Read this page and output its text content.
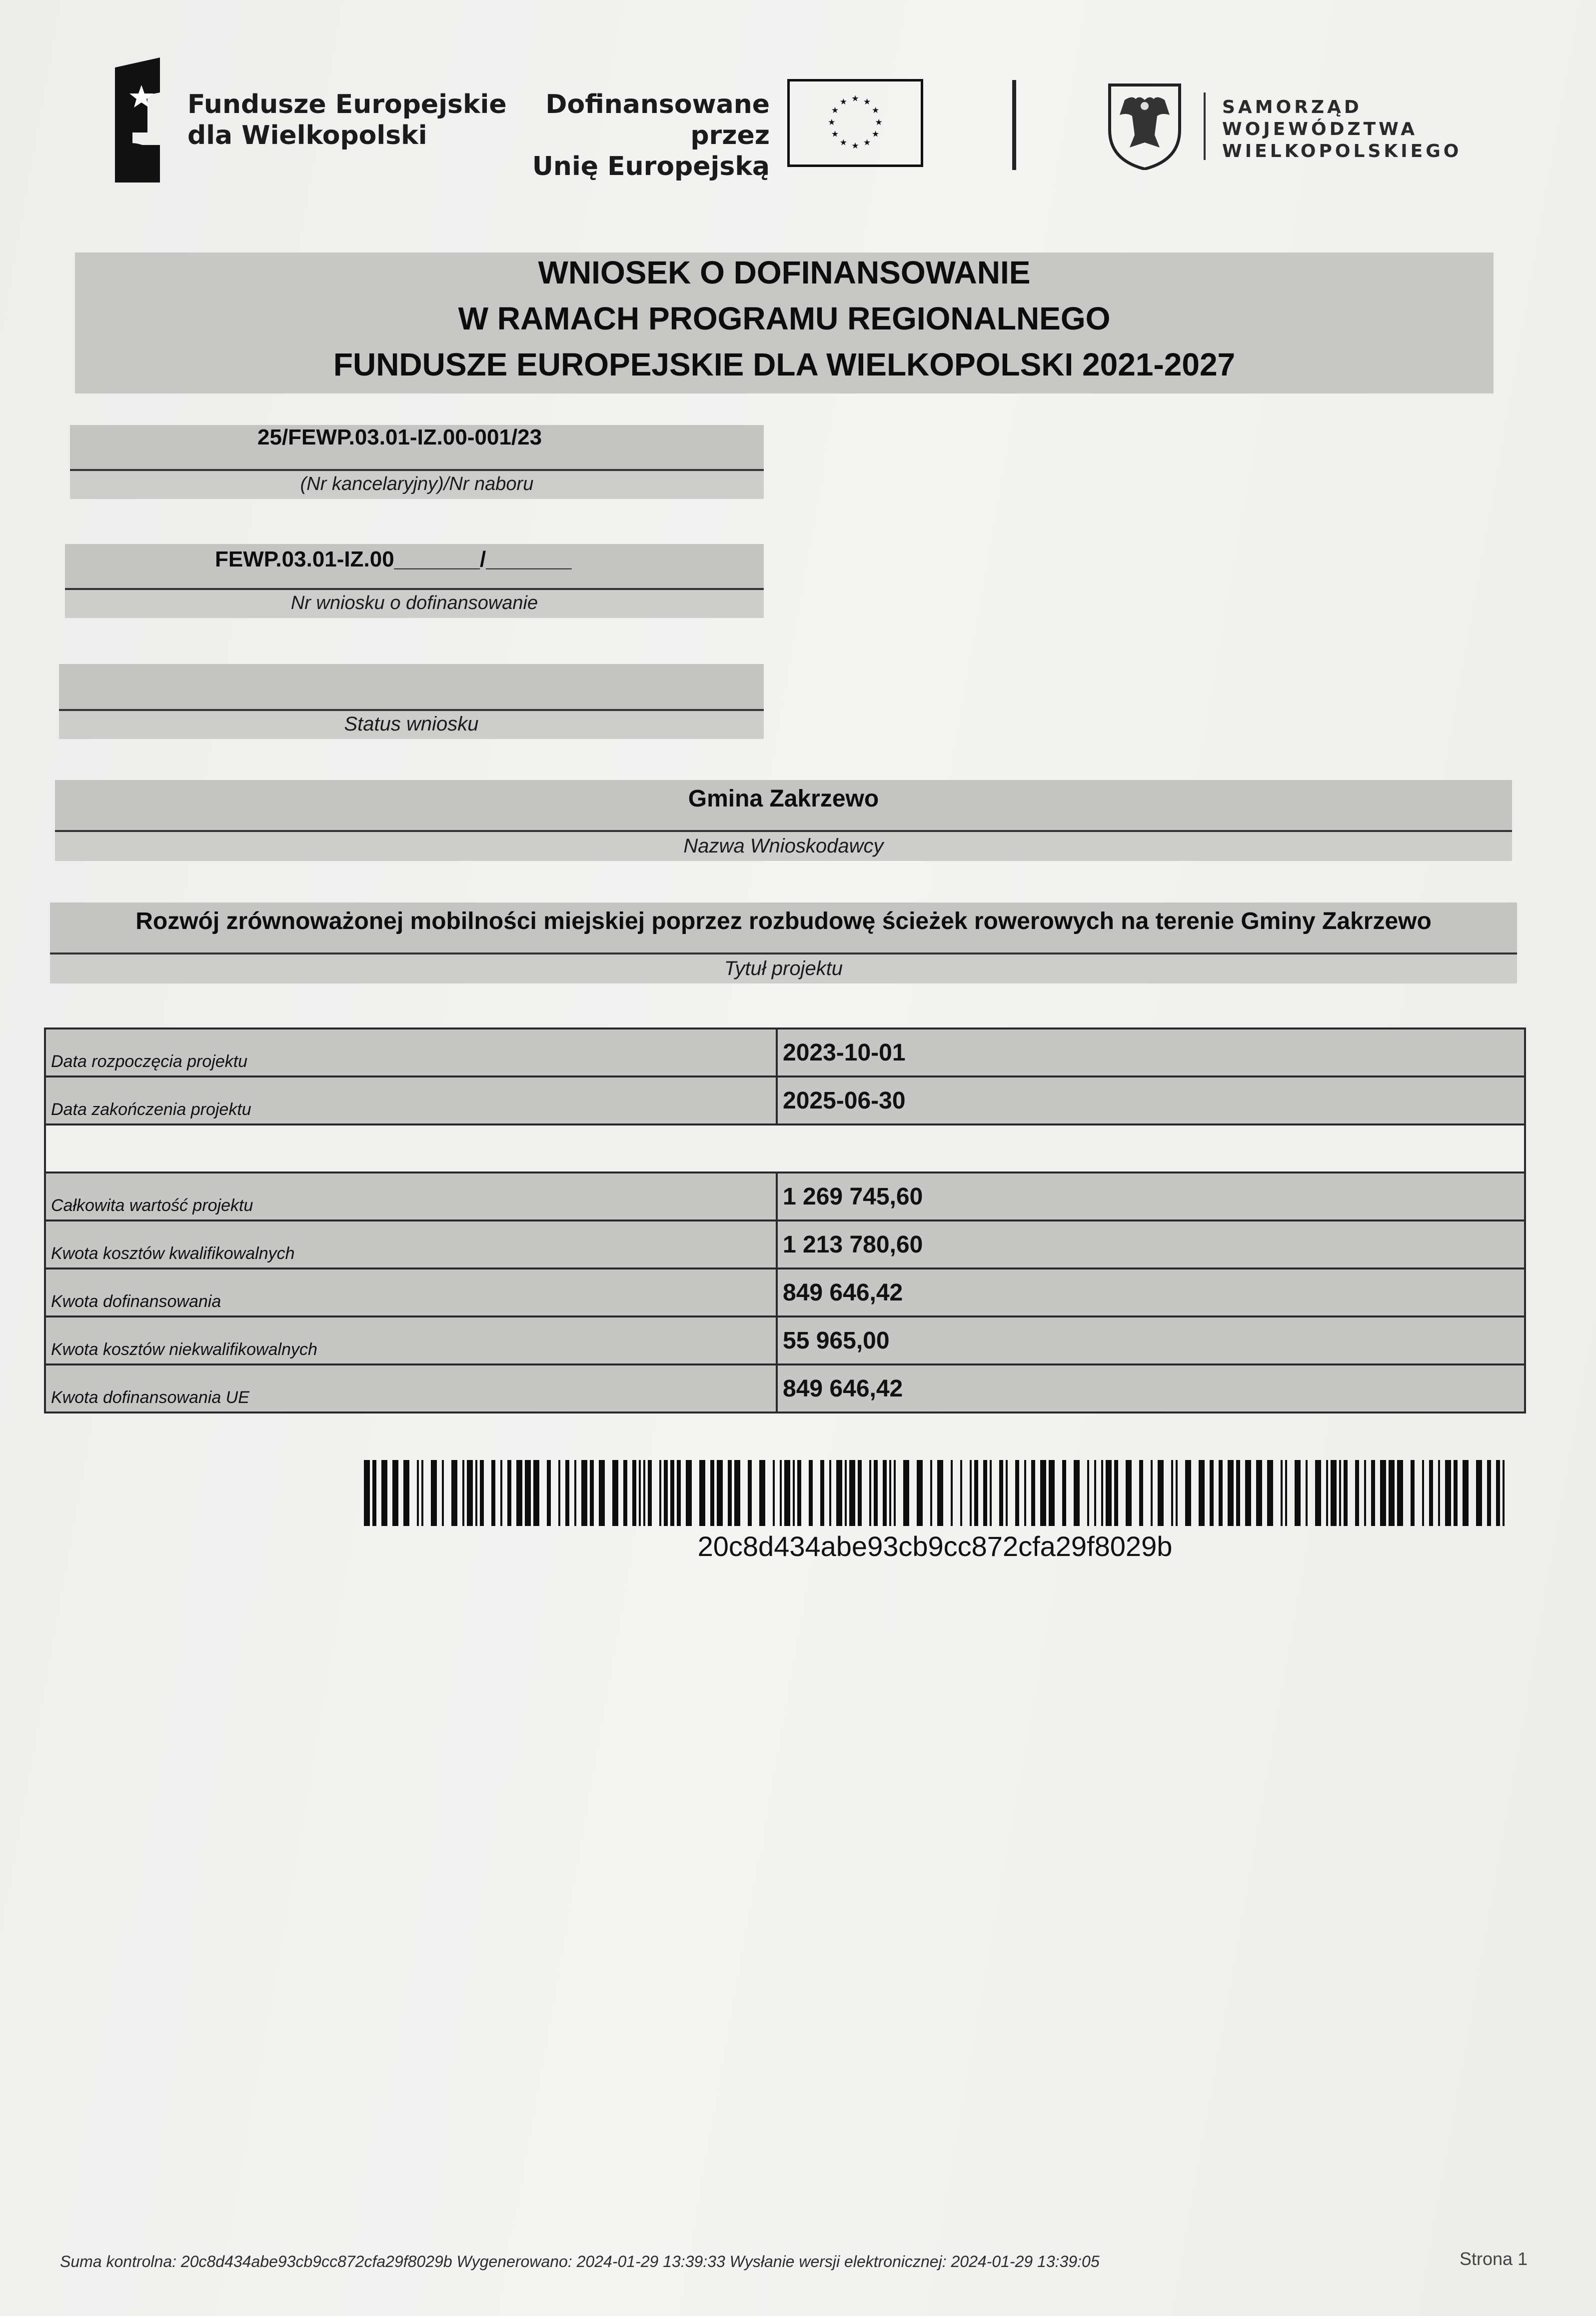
Fundusze Europejskie
dla Wielkopolski
Dofinansowane przez
Unię Europejską
★ ★
★
★
★
★
★
★
★
★
★
★	SAMORZĄD
WOJEWÓDZTWA
WIELKOPOLSKIEGO
WNIOSEK O DOFINANSOWANIE
W RAMACH PROGRAMU REGIONALNEGO
FUNDUSZE EUROPEJSKIE DLA WIELKOPOLSKI 2021-2027
25/FEWP.03.01-IZ.00-001/23
(Nr kancelaryjny)/Nr naboru
FEWP.03.01-IZ.00_______/_______
Nr wniosku o dofinansowanie
Status wniosku
Gmina Zakrzewo
Nazwa Wnioskodawcy
Rozwój zrównoważonej mobilności miejskiej poprzez rozbudowę ścieżek rowerowych na terenie Gminy Zakrzewo
Tytuł projektu
Data rozpoczęcia projektu	2023-10-01
Data zakończenia projektu	2025-06-30

Całkowita wartość projektu	1 269 745,60
Kwota kosztów kwalifikowalnych	1 213 780,60
Kwota dofinansowania	849 646,42
Kwota kosztów niekwalifikowalnych	55 965,00
Kwota dofinansowania UE	849 646,42
20c8d434abe93cb9cc872cfa29f8029b
Suma kontrolna: 20c8d434abe93cb9cc872cfa29f8029b Wygenerowano: 2024-01-29 13:39:33 Wysłanie wersji elektronicznej: 2024-01-29 13:39:05	Strona 1
